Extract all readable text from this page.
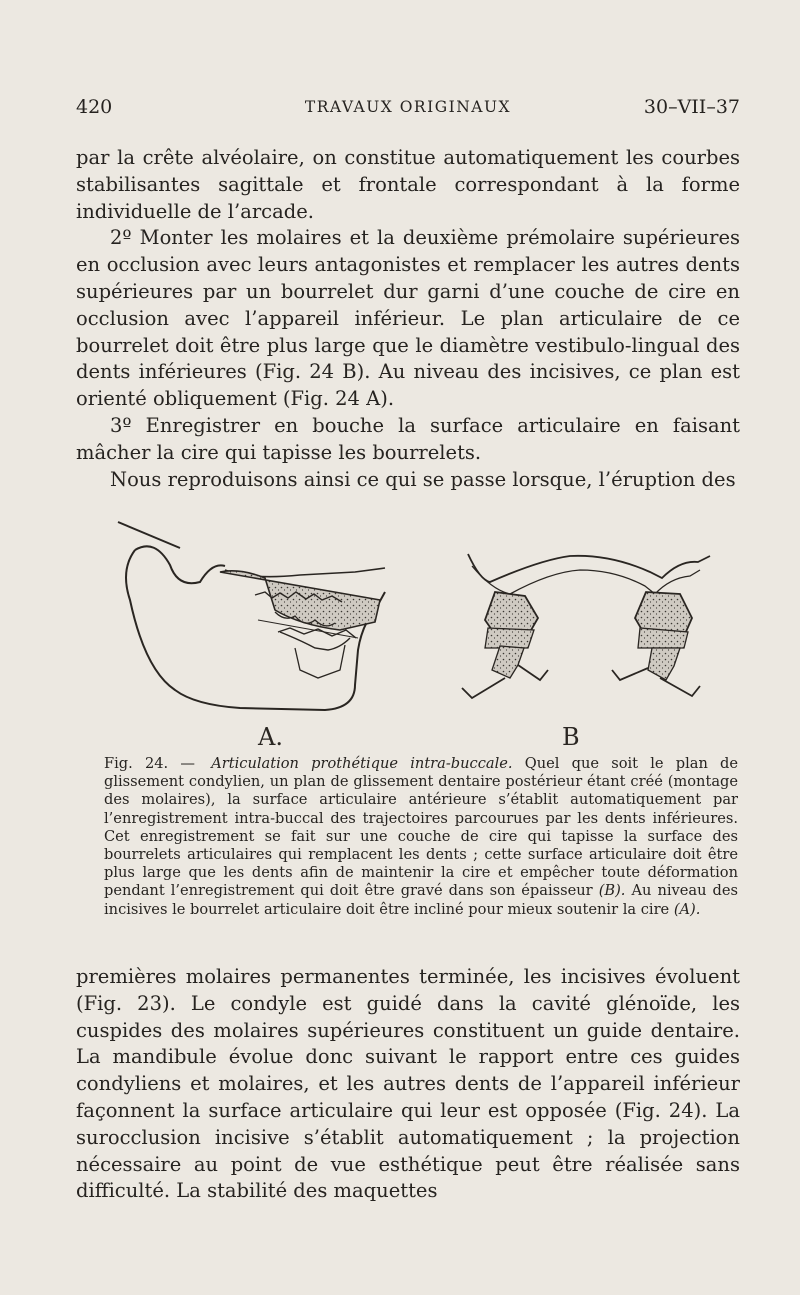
420	TRAVAUX ORIGINAUX	30–VII–37

par la crête alvéolaire, on constitue automatiquement les courbes stabilisantes sagittale et frontale correspondant à la forme individuelle de l’arcade.

2º Monter les molaires et la deuxième prémolaire supérieures en occlusion avec leurs antagonistes et remplacer les autres dents supérieures par un bourrelet dur garni d’une couche de cire en occlusion avec l’appareil inférieur. Le plan articulaire de ce bourrelet doit être plus large que le diamètre vestibulo-lingual des dents inférieures (Fig. 24 B). Au niveau des incisives, ce plan est orienté obliquement (Fig. 24 A).

3º Enregistrer en bouche la surface articulaire en faisant mâcher la cire qui tapisse les bourrelets.

Nous reproduisons ainsi ce qui se passe lorsque, l’éruption des

A.	B
Fig. 24. — Articulation prothétique intra-buccale. Quel que soit le plan de glissement condylien, un plan de glissement dentaire postérieur étant créé (montage des molaires), la surface articulaire antérieure s’établit automatiquement par l’enregistrement intra-buccal des trajectoires parcourues par les dents inférieures. Cet enregistrement se fait sur une couche de cire qui tapisse la surface des bourrelets articulaires qui remplacent les dents ; cette surface articulaire doit être plus large que les dents afin de maintenir la cire et empêcher toute déformation pendant l’enregistrement qui doit être gravé dans son épaisseur (B). Au niveau des incisives le bourrelet articulaire doit être incliné pour mieux soutenir la cire (A).

premières molaires permanentes terminée, les incisives évoluent (Fig. 23). Le condyle est guidé dans la cavité glénoïde, les cuspides des molaires supérieures constituent un guide dentaire. La mandibule évolue donc suivant le rapport entre ces guides condyliens et molaires, et les autres dents de l’appareil inférieur façonnent la surface articulaire qui leur est opposée (Fig. 24). La surocclusion incisive s’établit automatiquement ; la projection nécessaire au point de vue esthétique peut être réalisée sans difficulté. La stabilité des maquettes
